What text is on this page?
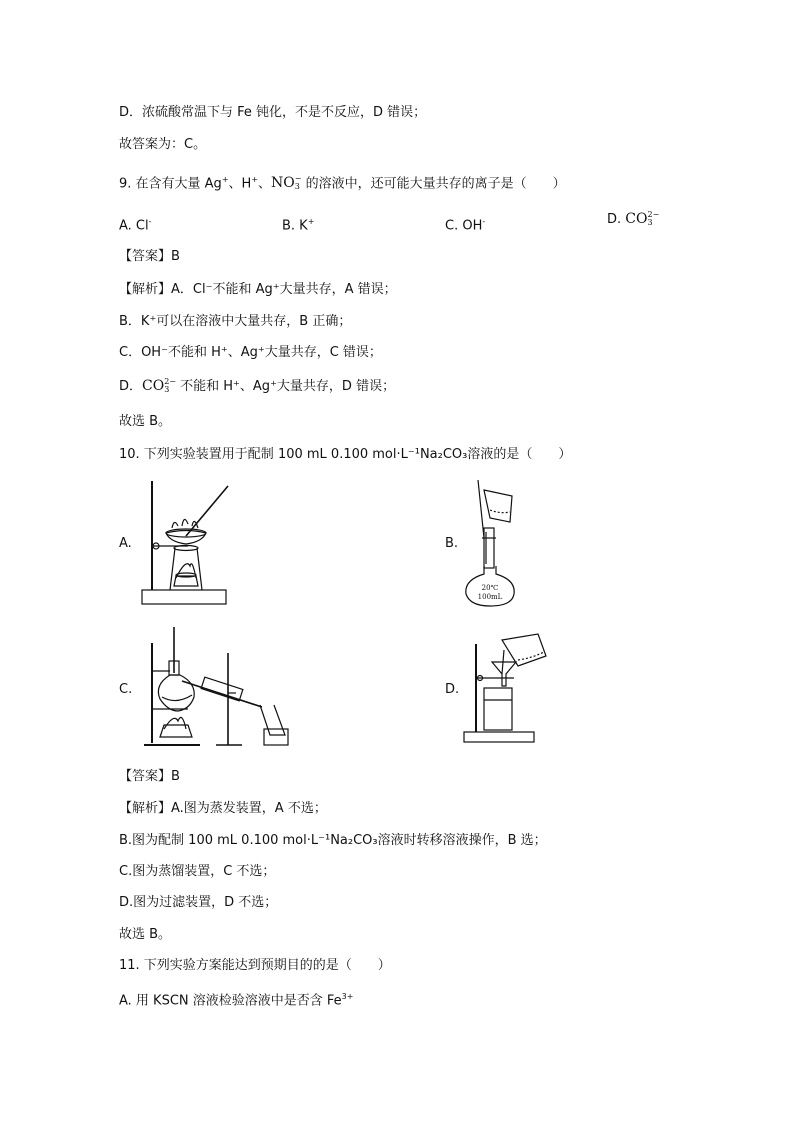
D．浓硫酸常温下与 Fe 钝化，不是不反应，D 错误；
故答案为：C。
9. 在含有大量 Ag+、H+、NO −
3 的溶液中，还可能大量共存的离子是（　　）
A. Cl-	B. K+	C. OH-	D. CO 2−
3
【答案】B
【解析】A．Cl⁻不能和 Ag⁺大量共存，A 错误；
B．K⁺可以在溶液中大量共存，B 正确；
C．OH⁻不能和 H⁺、Ag⁺大量共存，C 错误；
D．CO 2−
3 不能和 H⁺、Ag⁺大量共存，D 错误；
故选 B。
10. 下列实验装置用于配制 100 mL 0.100 mol·L⁻¹Na₂CO₃溶液的是（　　）
A.	B.
C.	D.
20℃
100mL
【答案】B
【解析】A.图为蒸发装置，A 不选；
B.图为配制 100 mL 0.100 mol·L⁻¹Na₂CO₃溶液时转移溶液操作，B 选；
C.图为蒸馏装置，C 不选；
D.图为过滤装置，D 不选；
故选 B。
11. 下列实验方案能达到预期目的的是（　　）
A. 用 KSCN 溶液检验溶液中是否含 $Fe^{3+}$
